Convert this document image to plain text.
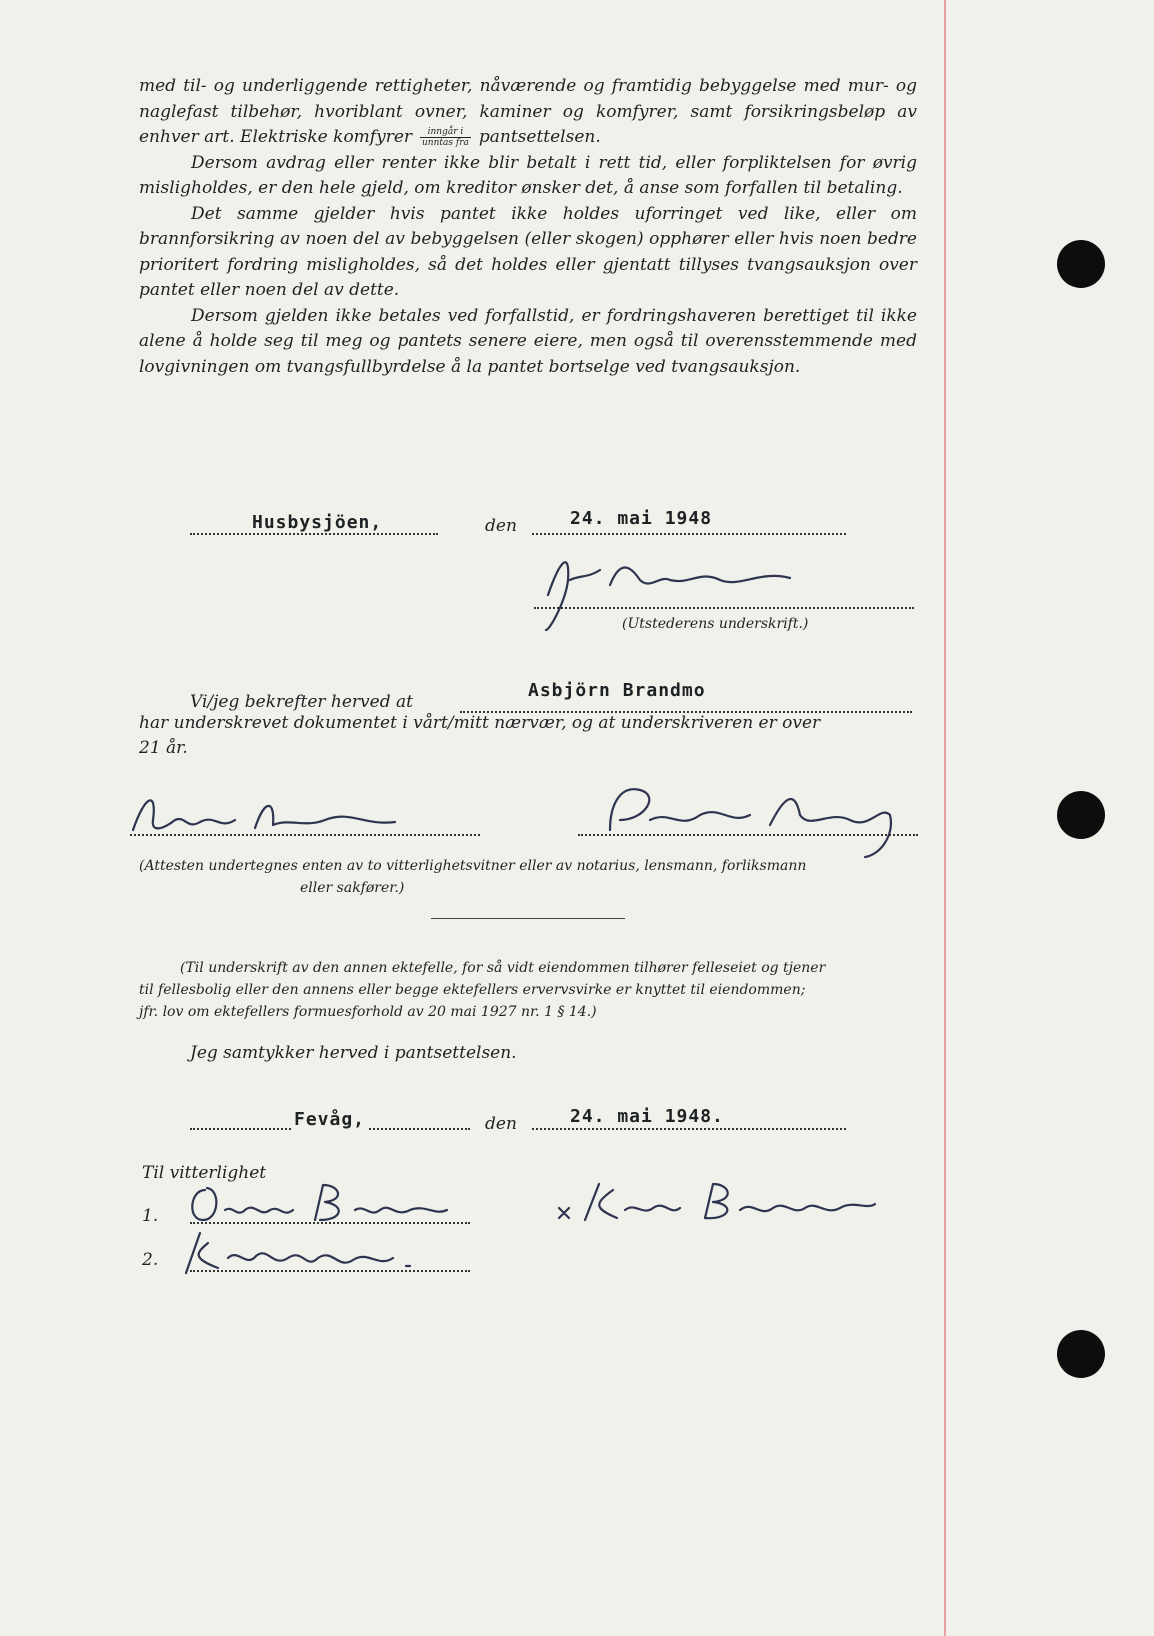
med til- og underliggende rettigheter, nåværende og framtidig bebyggelse med mur- og naglefast tilbehør, hvoriblant ovner, kaminer og komfyrer, samt forsikringsbeløp av enhver art. Elektriske komfyrer $\frac{\text{inngår i}}{\text{unntas fra}}$ pantsettelsen.

Dersom avdrag eller renter ikke blir betalt i rett tid, eller forpliktelsen for øvrig misligholdes, er den hele gjeld, om kreditor ønsker det, å anse som forfallen til betaling.

Det samme gjelder hvis pantet ikke holdes uforringet ved like, eller om brannforsikring av noen del av bebyggelsen (eller skogen) opphører eller hvis noen bedre prioritert fordring misligholdes, så det holdes eller gjentatt tillyses tvangsauksjon over pantet eller noen del av dette.

Dersom gjelden ikke betales ved forfallstid, er fordringshaveren berettiget til ikke alene å holde seg til meg og pantets senere eiere, men også til overensstemmende med lovgivningen om tvangsfullbyrdelse å la pantet bortselge ved tvangsauksjon.

Husbysjöen,	den	24. mai 1948
(Utstederens underskrift.)
Vi/jeg bekrefter herved at
Asbjörn Brandmo
har underskrevet dokumentet i vårt/mitt nærvær, og at underskriveren er over
21 år.
(Attesten undertegnes enten av to vitterlighetsvitner eller av notarius, lensmann, forliksmann
eller sakfører.)
(Til underskrift av den annen ektefelle, for så vidt eiendommen tilhører felleseiet og tjener
til fellesbolig eller den annens eller begge ektefellers ervervsvirke er knyttet til eiendommen;
jfr. lov om ektefellers formuesforhold av 20 mai 1927 nr. 1 § 14.)
Jeg samtykker herved i pantsettelsen.
Fevåg,	den	24. mai 1948.
Til vitterlighet
1.
2.
